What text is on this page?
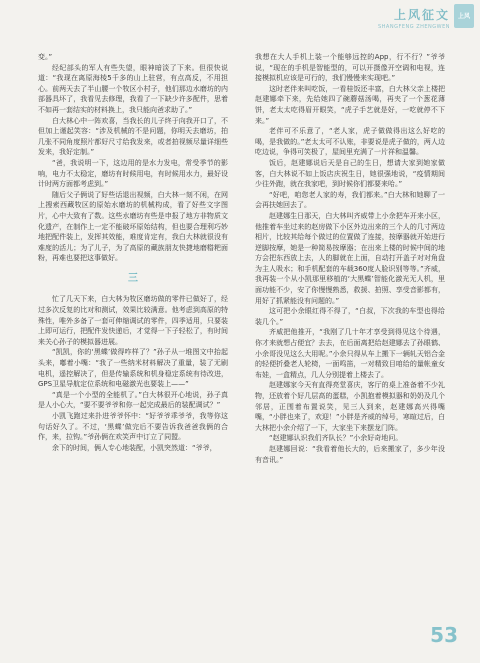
上风征文
SHANGFENG ZHENGWEN
上风

变。”

经纪部头的军人有些失望，眼神暗淡了下来。但很快说道：“我现在离原海棱5千多的山上驻营，有点高反，不用担心。前两天去了半山腰一个牧区小村子，他们那边水磨坊的内部器具坏了，我看见去修理，我看了一下缺少许多配件，思着不如再一套结实的材料换上，我只能向爸求助了。”

白大林心中一阵欢喜，当我长的儿子终于向我开口了，不但加上谨起笑容：“涉及机械的不是问题，你明天去磨坊，拍几张不同角度照片都好尺寸给我发来，或者拍视频尽量详细些发来，我好定制。”

“爸，我说明一下，这边用的是水力发电，常受季节的影响，电力不太稳定，磨坊有时候用电，有时候用水力，最好设计时两方面都考虑到。”

随后父子俩说了好些话退出视频，白大林一刻不闲，在网上搜索西藏牧区的原始水磨坊的机械构成，看了好些文字图片，心中大致有了数。这些水磨坊有些是申报了地方非物质文化遗产，在制作上一定不能破坏原始结构，但也要合理利巧妙地把配件装上，发挥其效能，难度肯定有，我白大林就很没有难度的活儿；为了儿子，为了高原的藏族朋友快捷地磨糌粑面粉，再难也要把这事做好。

三

忙了几天下来，白大林为牧区磨坊做的零件已做好了，经过多次反复的比对和测试，效果比较满意。他考虑到高原的特殊性，唯外多备了一套可伸缩调试的零件，四季适用，只要装上即可运行，把配件发快递后，才觉得一下子轻松了，有时间来关心孙子的模拟器进展。

“凯凯，你的‘黑蝶’做得咋样了？”孙子从一堆图文中抬起头来，嘟着小嘴：“我了一些纳米材料解决了重量，装了无刷电机，遥控解决了，但是传输系统和机身稳定系统有待改进，GPS卫星导航定位系统和电磁激光也要装上——”

“真是一个小型的全能机了。”白大林很开心地说，孙子真是人小心大，“要不要爷爷和你一起完成最后的装配调试？”

小凯飞跑过来扑进爷爷怀中：“好爷爷乖爷爷，我等你这句话好久了。不过，‘黑蝶’做完后不要告诉我爸爸我俩的合作，来，拉钩。”爷孙俩在欢笑声中订立了同盟。

余下的时间，俩人专心地装配，小凯突然道：“爷爷，

我想在大人手机上装一个能够远控的App，行不行？”爷爷说，“现在的手机是智能型的，可以开摄像开空调和电视，连接模拟机应该是可行的，我们慢慢来实现吧。”

这时老伴来叫吃饭，一看桂饭还丰富，白大林父亲上楼把赵建娜牵下来，先给她四了碗蘑菇汤喝，再夹了一个葱花薄饼，老太太吃得眉开眼笑，“虎子手艺就是好，一吃就停不下来。”

老伴可不乐意了，“老人家，虎子做做得出这么好吃的喝，是我做的。”老太太可不认账，非要说是虎子做的，两人边吃边说，争得可笑极了，屋间里充满了一片祥和温馨。

饭后，赵建娜说后天是自己的生日，想请大家到她家做客，白大林说不如上饭店庆祝生日，她很强地说，“疫情期间少往外跑，就在我家吧，到时候你们都要来哈。”

“好吧，咱您老人家的寿，我们都来。”白大林和她聊了一会再扶她回去了。

赵建娜生日那天，白大林叫齐威带上小余把车开来小区，他推着车坐过来的赵房做下小区外边出来的三个人的几寸两边相片，比较其给每个做过的位置做了连接，按摩器就开始进行逆脚按摩，她是一种简易按摩器；在出来上楼的时候中间的地方会把东西放上去，人的脚就在上面，自动打开盖子对对角盘为主人吸水；和手机配套的车载360度人脸识别等等。”齐威，我再装一个从小凯那里移植的‘大黑蝶’智能化激光无人机，里面功能不少，安了你慢慢熟悉，救援、拍照、享受音影都有，用好了抓紧能没有问题的。”

这可把小余眼红得不得了，“白叔，下次我的车型也得给装几个。”

齐威把他推开，“我刚了几十年才享受到得见这个待遇，你才来就想占便宜？去去，在后面离把给赵建娜去了孙眼鹤、小余哥没见这么大用呢。”小余只得从车上搬下一辆轧天铝合金的轻便折叠老人轮椅，一面鸣笛，一对精致目咱给的量帐童女布娃，一盒精点，几人分别提着上楼去了。

赵建娜家今天有直得亮堂喜庆，客厅的桌上准备着不少礼物，还放着个好几层高的蛋糕，小凯抱着模拟器和奶奶及几个邻居，正围着布置说笑，见三人到来，赵建娜高兴得嘴嘴，“小胖也来了，欢迎！”小胖是齐威的绰号，寒暄过后，白大林把小余介绍了一下，大家坐下来摆龙门阵。

“赵建娜认识我们齐队长？”小余好奇地问。

赵建娜回说：“我看着他长大的，后来搬家了，多少年没有音讯。”

53
